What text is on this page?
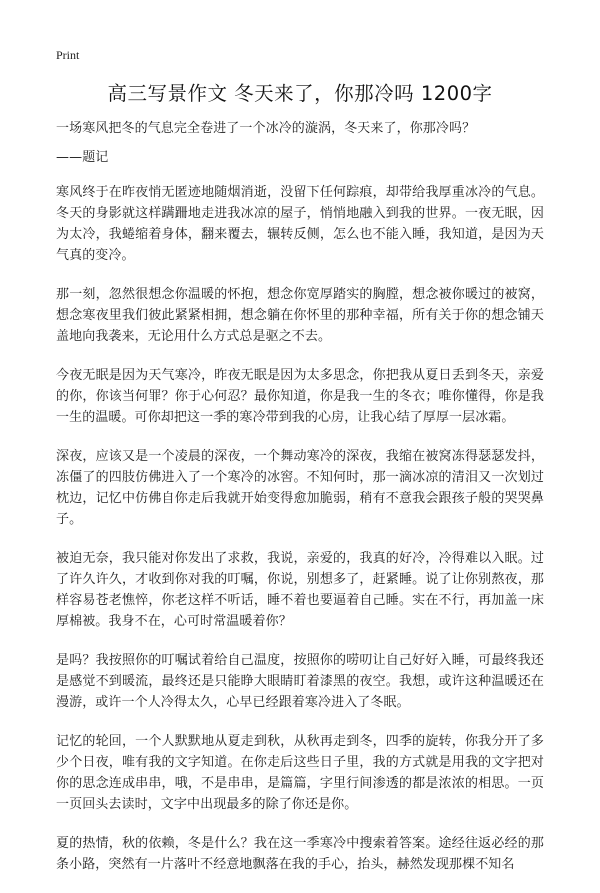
Print
高三写景作文 冬天来了，你那冷吗 1200字

一场寒风把冬的气息完全卷进了一个冰冷的漩涡，冬天来了，你那冷吗？

——题记

寒风终于在昨夜悄无匿迹地随烟消逝，没留下任何踪痕，却带给我厚重冰冷的气息。冬天的身影就这样蹒跚地走进我冰凉的屋子，悄悄地融入到我的世界。一夜无眠，因为太冷，我蜷缩着身体，翻来覆去，辗转反侧，怎么也不能入睡，我知道，是因为天气真的变冷。

那一刻，忽然很想念你温暖的怀抱，想念你宽厚踏实的胸膛，想念被你暖过的被窝，想念寒夜里我们彼此紧紧相拥，想念躺在你怀里的那种幸福，所有关于你的想念铺天盖地向我袭来，无论用什么方式总是驱之不去。

今夜无眠是因为天气寒冷，昨夜无眠是因为太多思念，你把我从夏日丢到冬天，亲爱的你，你该当何罪？你于心何忍？最你知道，你是我一生的冬衣；唯你懂得，你是我一生的温暖。可你却把这一季的寒冷带到我的心房，让我心结了厚厚一层冰霜。

深夜，应该又是一个凌晨的深夜，一个舞动寒冷的深夜，我缩在被窝冻得瑟瑟发抖，冻僵了的四肢仿佛进入了一个寒冷的冰窖。不知何时，那一滴冰凉的清泪又一次划过枕边，记忆中仿佛自你走后我就开始变得愈加脆弱，稍有不意我会跟孩子般的哭哭鼻子。

被迫无奈，我只能对你发出了求救，我说，亲爱的，我真的好冷，冷得难以入眠。过了许久许久，才收到你对我的叮嘱，你说，别想多了，赶紧睡。说了让你别熬夜，那样容易苍老憔悴，你老这样不听话，睡不着也要逼着自己睡。实在不行，再加盖一床厚棉被。我身不在，心可时常温暖着你？

是吗？我按照你的叮嘱试着给自己温度，按照你的唠叨让自己好好入睡，可最终我还是感觉不到暖流，最终还是只能睁大眼睛盯着漆黑的夜空。我想，或许这种温暖还在漫游，或许一个人冷得太久，心早已经跟着寒冷进入了冬眠。

记忆的轮回，一个人默默地从夏走到秋，从秋再走到冬，四季的旋转，你我分开了多少个日夜，唯有我的文字知道。在你走后这些日子里，我的方式就是用我的文字把对你的思念连成串串，哦，不是串串，是篇篇，字里行间渗透的都是浓浓的相思。一页一页回头去读时，文字中出现最多的除了你还是你。

夏的热情，秋的依赖，冬是什么？我在这一季寒冷中搜索着答案。途经往返必经的那条小路，突然有一片落叶不经意地飘落在我的手心，抬头，赫然发现那棵不知名
